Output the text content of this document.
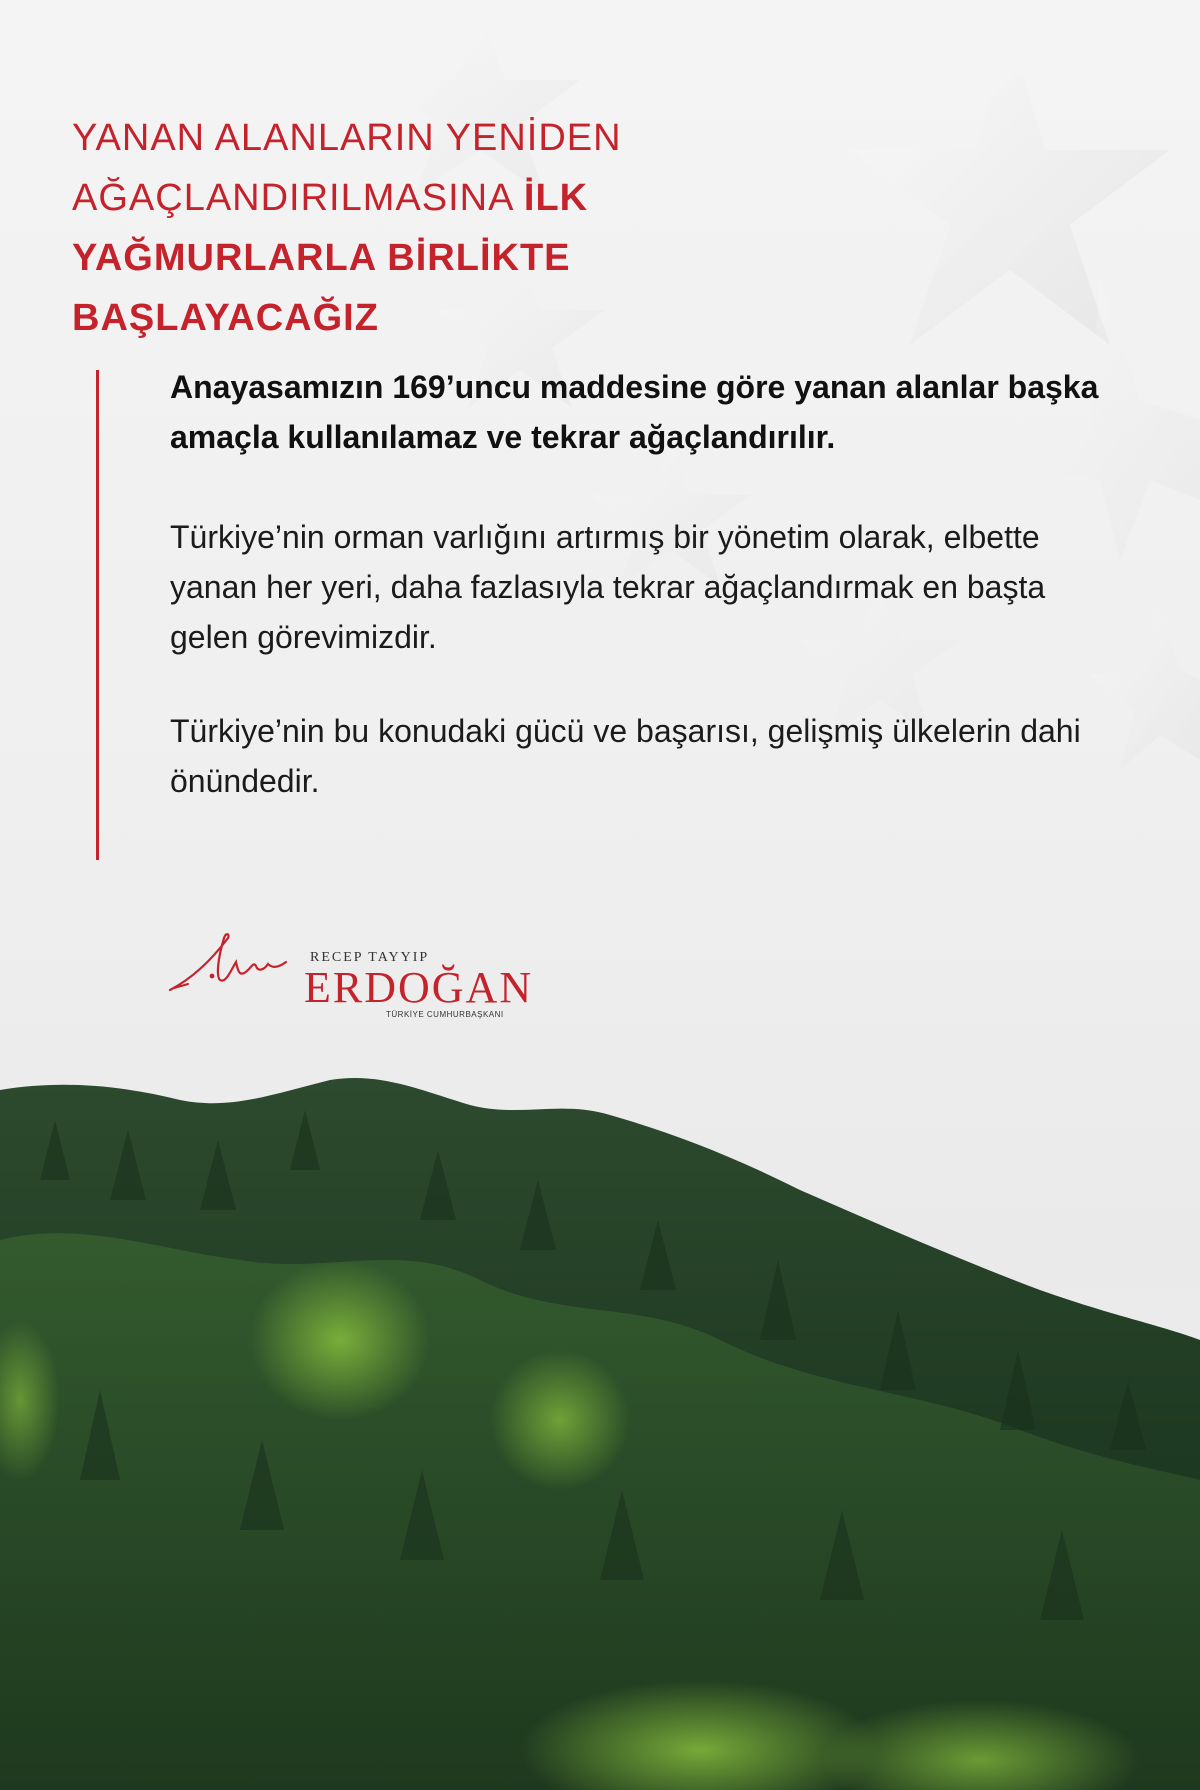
YANAN ALANLARIN YENİDEN
AĞAÇLANDIRILMASINA İLK
YAĞMURLARLA BİRLİKTE
BAŞLAYACAĞIZ

Anayasamızın 169’uncu maddesine göre yanan alanlar başka amaçla kullanılamaz ve tekrar ağaçlandırılır.

Türkiye’nin orman varlığını artırmış bir yönetim olarak, elbette yanan her yeri, daha fazlasıyla tekrar ağaçlandırmak en başta gelen görevimizdir.

Türkiye’nin bu konudaki gücü ve başarısı, gelişmiş ülkelerin dahi önündedir.

RECEP TAYYIP
ERDOĞAN
TÜRKİYE CUMHURBAŞKANI
